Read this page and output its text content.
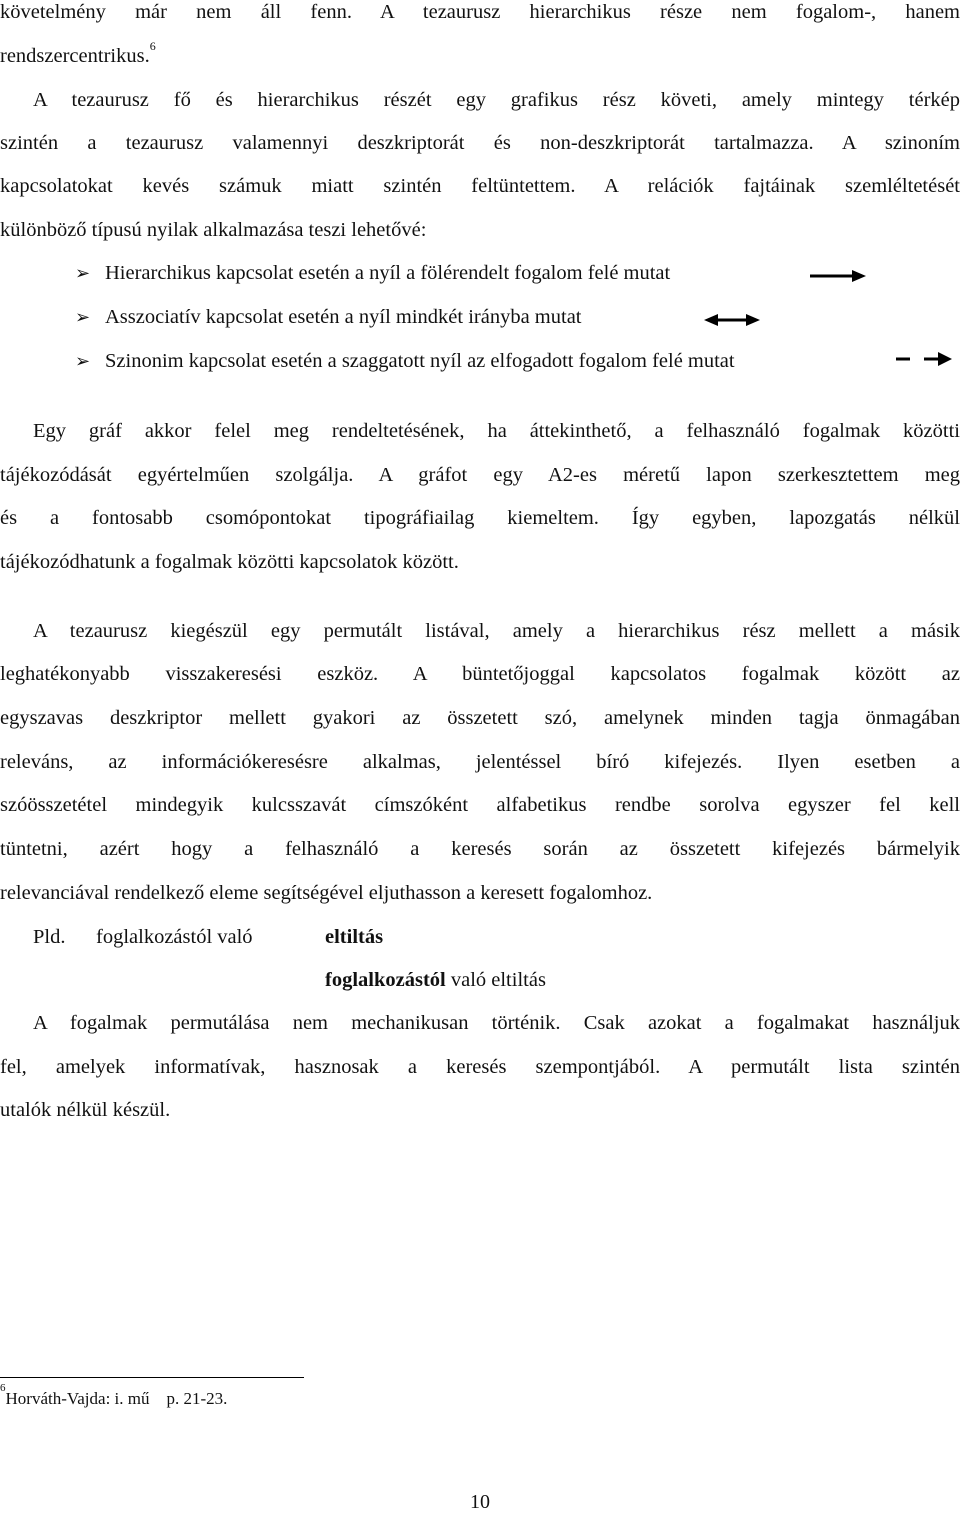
követelmény már nem áll fenn. A tezaurusz hierarchikus része nem fogalom-, hanem
rendszercentrikus.$^6$
A tezaurusz fő és hierarchikus részét egy grafikus rész követi, amely mintegy térkép
szintén a tezaurusz valamennyi deszkriptorát és non-deszkriptorát tartalmazza. A szinoním
kapcsolatokat kevés számuk miatt szintén feltüntettem. A relációk fajtáinak szemléltetését
különböző típusú nyilak alkalmazása teszi lehetővé:
➢ Hierarchikus kapcsolat esetén a nyíl a fölérendelt fogalom felé mutat
➢ Asszociatív kapcsolat esetén a nyíl mindkét irányba mutat
➢ Szinonim kapcsolat esetén a szaggatott nyíl az elfogadott fogalom felé mutat
Egy gráf akkor felel meg rendeltetésének, ha áttekinthető, a felhasználó fogalmak közötti
tájékozódását egyértelműen szolgálja. A gráfot egy A2-es méretű lapon szerkesztettem meg
és a fontosabb csomópontokat tipográfiailag kiemeltem. Így egyben, lapozgatás nélkül
tájékozódhatunk a fogalmak közötti kapcsolatok között.
A tezaurusz kiegészül egy permutált listával, amely a hierarchikus rész mellett a másik
leghatékonyabb visszakeresési eszköz. A büntetőjoggal kapcsolatos fogalmak között az
egyszavas deszkriptor mellett gyakori az összetett szó, amelynek minden tagja önmagában
releváns, az információkeresésre alkalmas, jelentéssel bíró kifejezés. Ilyen esetben a
szóösszetétel mindegyik kulcsszavát címszóként alfabetikus rendbe sorolva egyszer fel kell
tüntetni, azért hogy a felhasználó a keresés során az összetett kifejezés bármelyik
relevanciával rendelkező eleme segítségével eljuthasson a keresett fogalomhoz.
Pld.	foglalkozástól való	eltiltás
foglalkozástól való eltiltás
A fogalmak permutálása nem mechanikusan történik. Csak azokat a fogalmakat használjuk
fel, amelyek informatívak, hasznosak a keresés szempontjából. A permutált lista szintén
utalók nélkül készül.
$^6$Horváth-Vajda: i. mű    p. 21-23.
10
